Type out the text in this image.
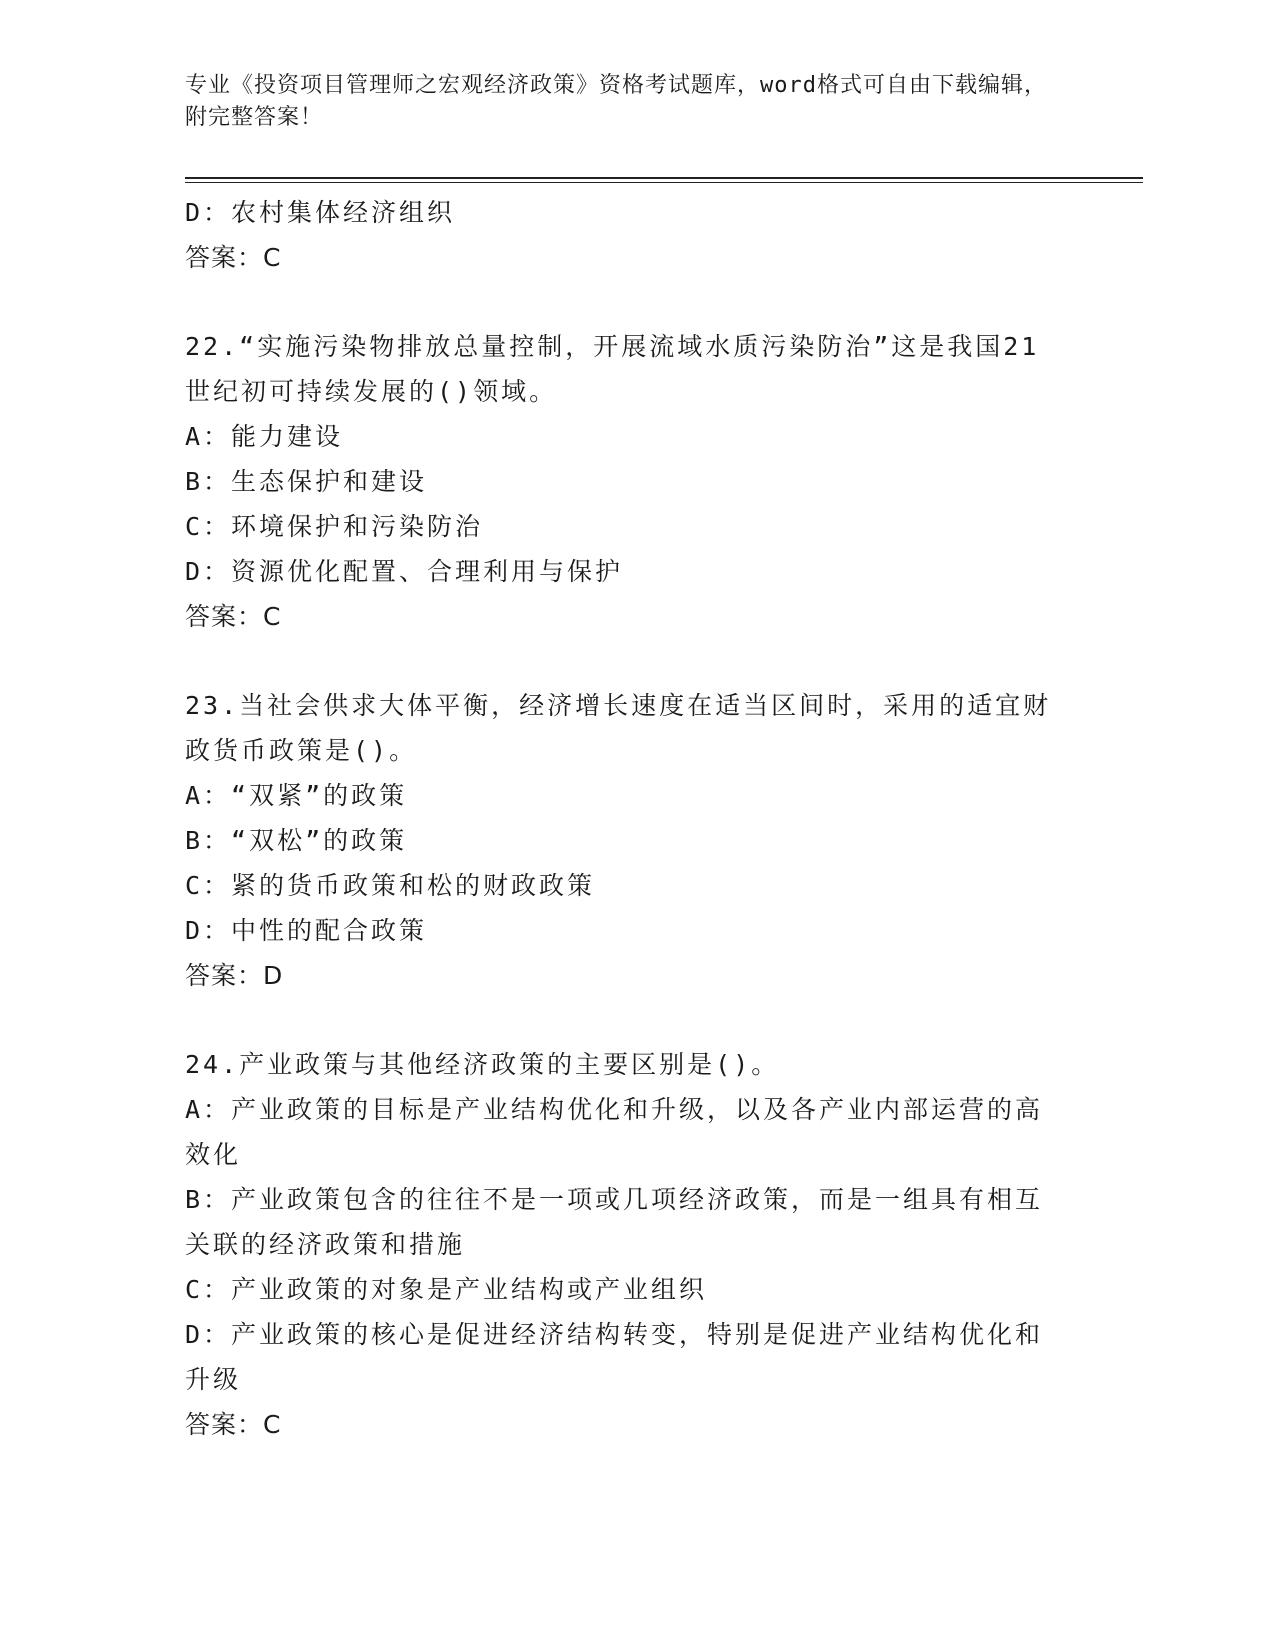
专业《投资项目管理师之宏观经济政策》资格考试题库，word格式可自由下载编辑，附完整答案！

D：农村集体经济组织

答案：C

22.“实施污染物排放总量控制，开展流域水质污染防治”这是我国21

世纪初可持续发展的()领域。

A：能力建设

B：生态保护和建设

C：环境保护和污染防治

D：资源优化配置、合理利用与保护

答案：C

23.当社会供求大体平衡，经济增长速度在适当区间时，采用的适宜财

政货币政策是()。

A：“双紧”的政策

B：“双松”的政策

C：紧的货币政策和松的财政政策

D：中性的配合政策

答案：D

24.产业政策与其他经济政策的主要区别是()。

A：产业政策的目标是产业结构优化和升级，以及各产业内部运营的高

效化

B：产业政策包含的往往不是一项或几项经济政策，而是一组具有相互

关联的经济政策和措施

C：产业政策的对象是产业结构或产业组织

D：产业政策的核心是促进经济结构转变，特别是促进产业结构优化和

升级

答案：C
